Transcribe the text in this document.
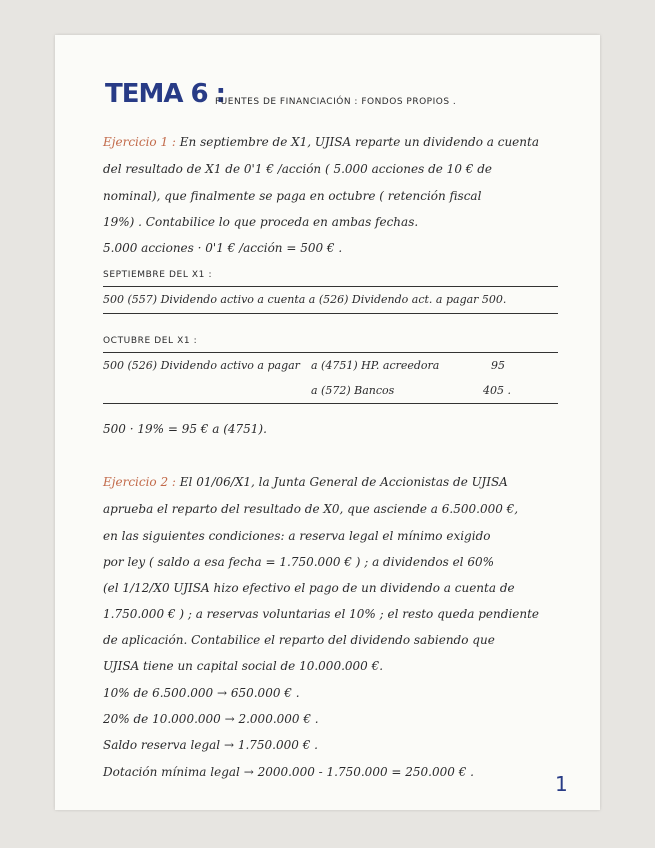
TEMA 6 :
FUENTES DE FINANCIACIÓN : FONDOS PROPIOS .
Ejercicio 1 : En septiembre de X1, UJISA reparte un dividendo a cuenta
del resultado de X1 de 0'1 € /acción ( 5.000 acciones de 10 € de
nominal), que finalmente se paga en octubre ( retención fiscal
19%) . Contabilice lo que proceda en ambas fechas.
5.000 acciones · 0'1 € /acción = 500 € .
SEPTIEMBRE DEL X1 :
500 (557) Dividendo activo a cuenta a (526) Dividendo act. a pagar 500.
OCTUBRE DEL X1 :
500 (526) Dividendo activo a pagar a (4751) HP. acreedora	95
a (572) Bancos	405 .
500 · 19% = 95 € a (4751).
Ejercicio 2 : El 01/06/X1, la Junta General de Accionistas de UJISA
aprueba el reparto del resultado de X0, que asciende a 6.500.000 €,
en las siguientes condiciones: a reserva legal el mínimo exigido
por ley ( saldo a esa fecha = 1.750.000 € ) ; a dividendos el 60%
(el 1/12/X0 UJISA hizo efectivo el pago de un dividendo a cuenta de
1.750.000 € ) ; a reservas voluntarias el 10% ; el resto queda pendiente
de aplicación. Contabilice el reparto del dividendo sabiendo que
UJISA tiene un capital social de 10.000.000 €.
10% de 6.500.000 → 650.000 € .
20% de 10.000.000 → 2.000.000 € .
Saldo reserva legal → 1.750.000 € .
Dotación mínima legal → 2000.000 - 1.750.000 = 250.000 € .	1
